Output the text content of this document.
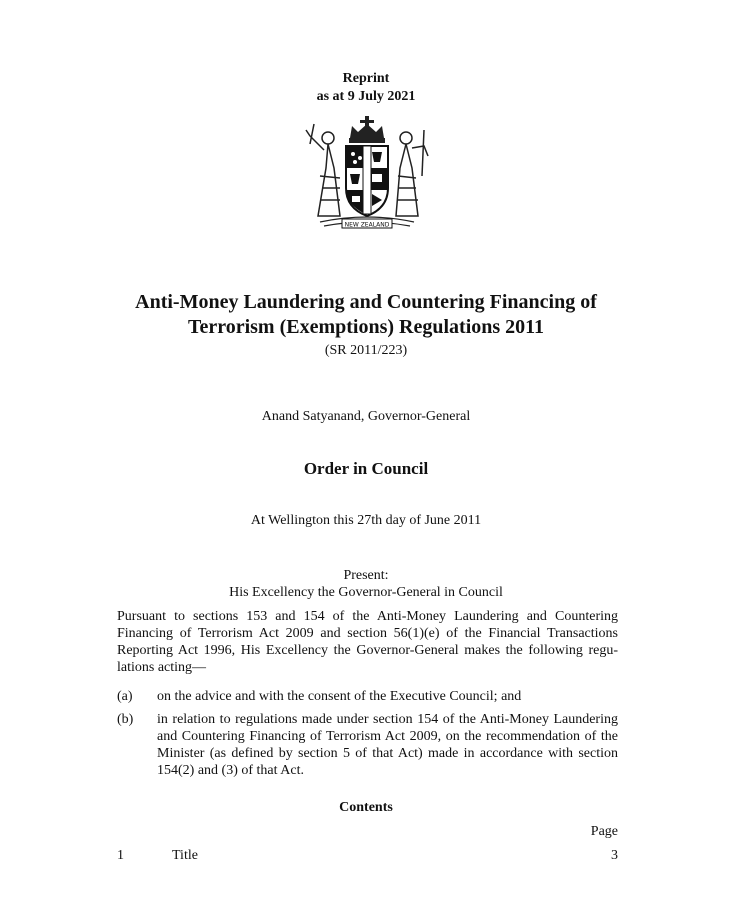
Reprint
as at 9 July 2021
NEW ZEALAND
Anti-Money Laundering and Countering Financing of
Terrorism (Exemptions) Regulations 2011
(SR 2011/223)
Anand Satyanand, Governor-General
Order in Council
At Wellington this 27th day of June 2011
Present:
His Excellency the Governor-General in Council
Pursuant to sections 153 and 154 of the Anti-Money Laundering and Countering Financing of Terrorism Act 2009 and section 56(1)(e) of the Financial Transactions Reporting Act 1996, His Excellency the Governor-General makes the following regulations acting—
(a) on the advice and with the consent of the Executive Council; and
(b) in relation to regulations made under section 154 of the Anti-Money Laundering and Countering Financing of Terrorism Act 2009, on the recommendation of the Minister (as defined by section 5 of that Act) made in accordance with section 154(2) and (3) of that Act.
Contents
Page
1	Title	3
